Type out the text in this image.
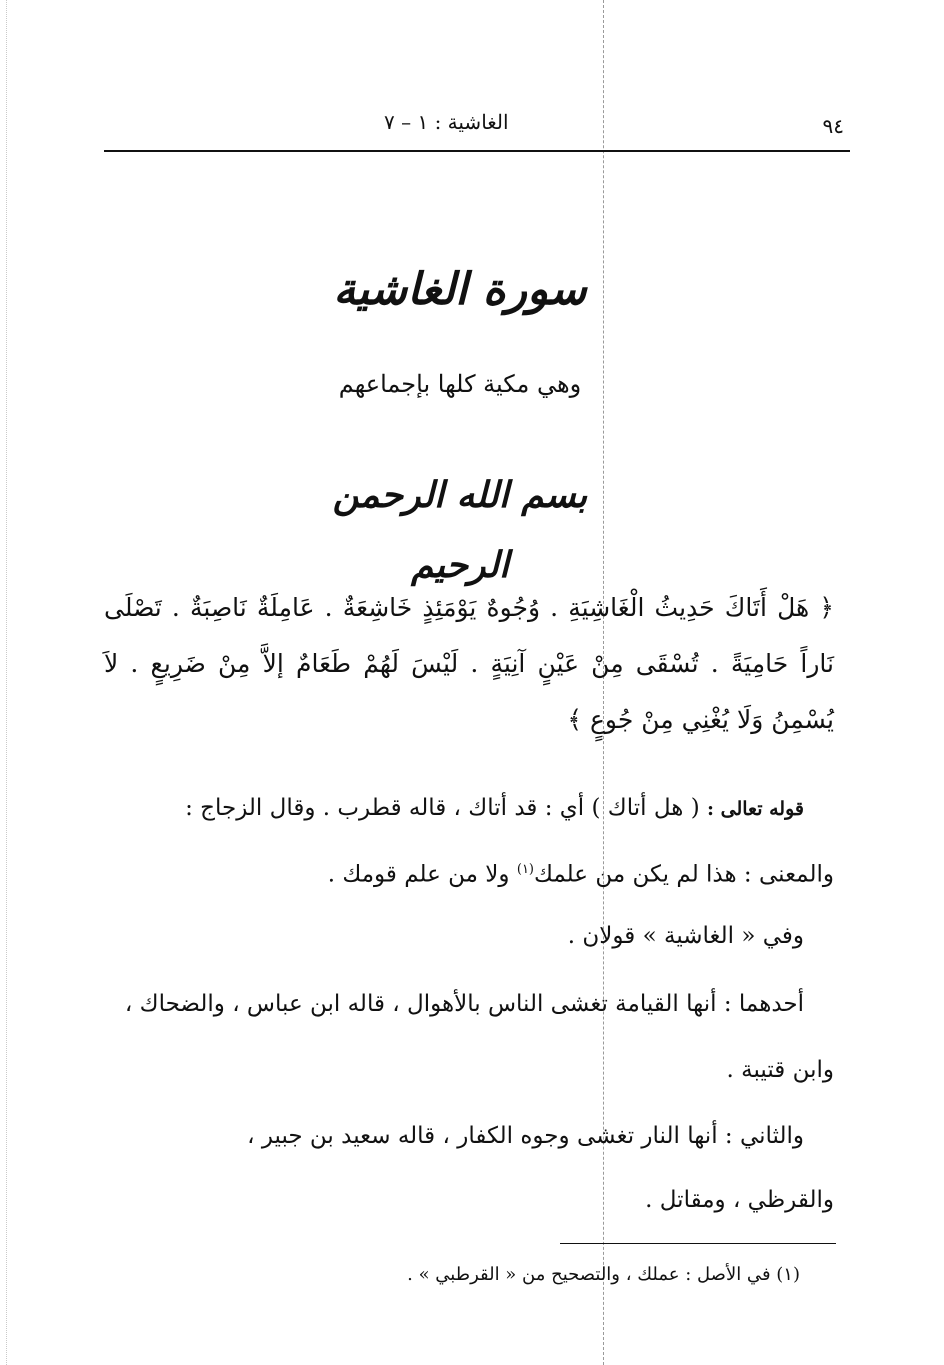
الغاشية : ١ – ٧	٩٤
سورة الغاشية
وهي مكية كلها بإجماعهم
بسم الله الرحمن الرحيم
﴿ هَلْ أَتَاكَ حَدِيثُ الْغَاشِيَةِ . وُجُوهٌ يَوْمَئِذٍ خَاشِعَةٌ . عَامِلَةٌ نَاصِبَةٌ . تَصْلَى نَاراً حَامِيَةً . تُسْقَى مِنْ عَيْنٍ آنِيَةٍ . لَيْسَ لَهُمْ طَعَامٌ إلاَّ مِنْ ضَرِيعٍ . لاَ يُسْمِنُ وَلَا يُغْنِي مِنْ جُوعٍ ﴾
قوله تعالى : ( هل أتاك ) أي : قد أتاك ، قاله قطرب . وقال الزجاج :
والمعنى : هذا لم يكن من علمك$^{(١)}$ ولا من علم قومك .
وفي « الغاشية » قولان .
أحدهما : أنها القيامة تغشى الناس بالأهوال ، قاله ابن عباس ، والضحاك ،
وابن قتيبة .
والثاني : أنها النار تغشى وجوه الكفار ، قاله سعيد بن جبير ،
والقرظي ، ومقاتل .
(١) في الأصل : عملك ، والتصحيح من « القرطبي » .
